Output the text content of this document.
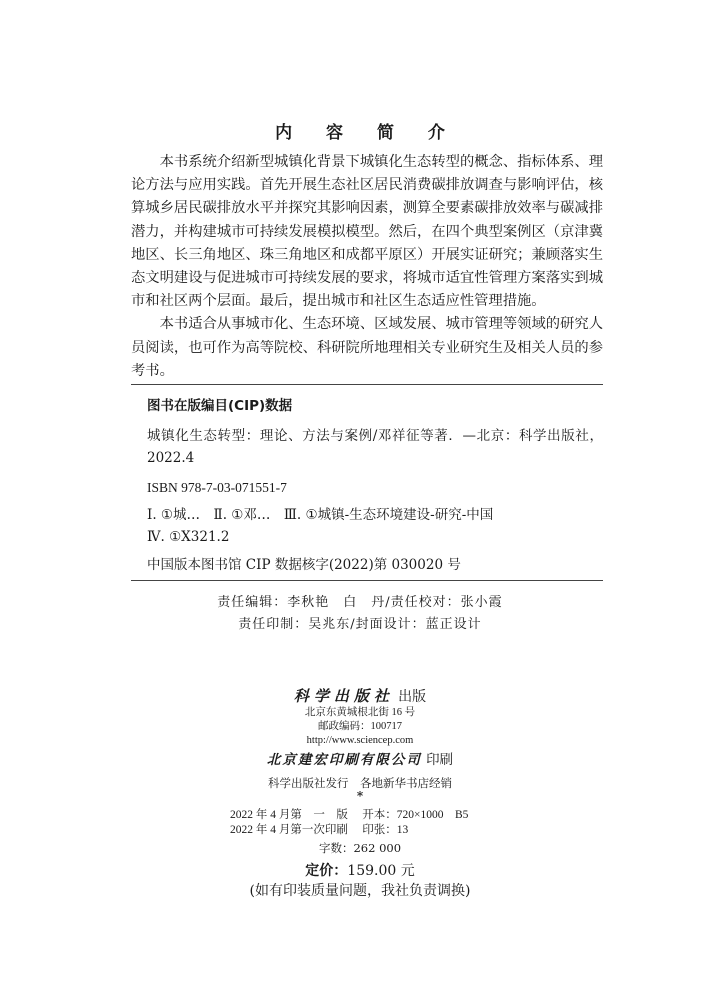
内 容 简 介

本书系统介绍新型城镇化背景下城镇化生态转型的概念、指标体系、理论方法与应用实践。首先开展生态社区居民消费碳排放调查与影响评估，核算城乡居民碳排放水平并探究其影响因素，测算全要素碳排放效率与碳减排潜力，并构建城市可持续发展模拟模型。然后，在四个典型案例区（京津冀地区、长三角地区、珠三角地区和成都平原区）开展实证研究；兼顾落实生态文明建设与促进城市可持续发展的要求，将城市适宜性管理方案落实到城市和社区两个层面。最后，提出城市和社区生态适应性管理措施。

本书适合从事城市化、生态环境、区域发展、城市管理等领域的研究人员阅读，也可作为高等院校、科研院所地理相关专业研究生及相关人员的参考书。

图书在版编目(CIP)数据
城镇化生态转型：理论、方法与案例/邓祥征等著．—北京：科学出版社，2022.4
ISBN 978-7-03-071551-7
Ⅰ. ①城…　Ⅱ. ①邓…　Ⅲ. ①城镇-生态环境建设-研究-中国
Ⅳ. ①X321.2
中国版本图书馆 CIP 数据核字(2022)第 030020 号
责任编辑：李秋艳　白　丹/责任校对：张小霞
责任印制：吴兆东/封面设计：蓝正设计
科学出版社 出版
北京东黄城根北街 16 号
邮政编码：100717
http://www.sciencep.com
北京建宏印刷有限公司 印刷
科学出版社发行　各地新华书店经销
*
2022 年 4 月第　一　版　 开本：720×1000　B5
2022 年 4 月第一次印刷　 印张：13
字数：262 000
定价：159.00 元
(如有印装质量问题，我社负责调换)
